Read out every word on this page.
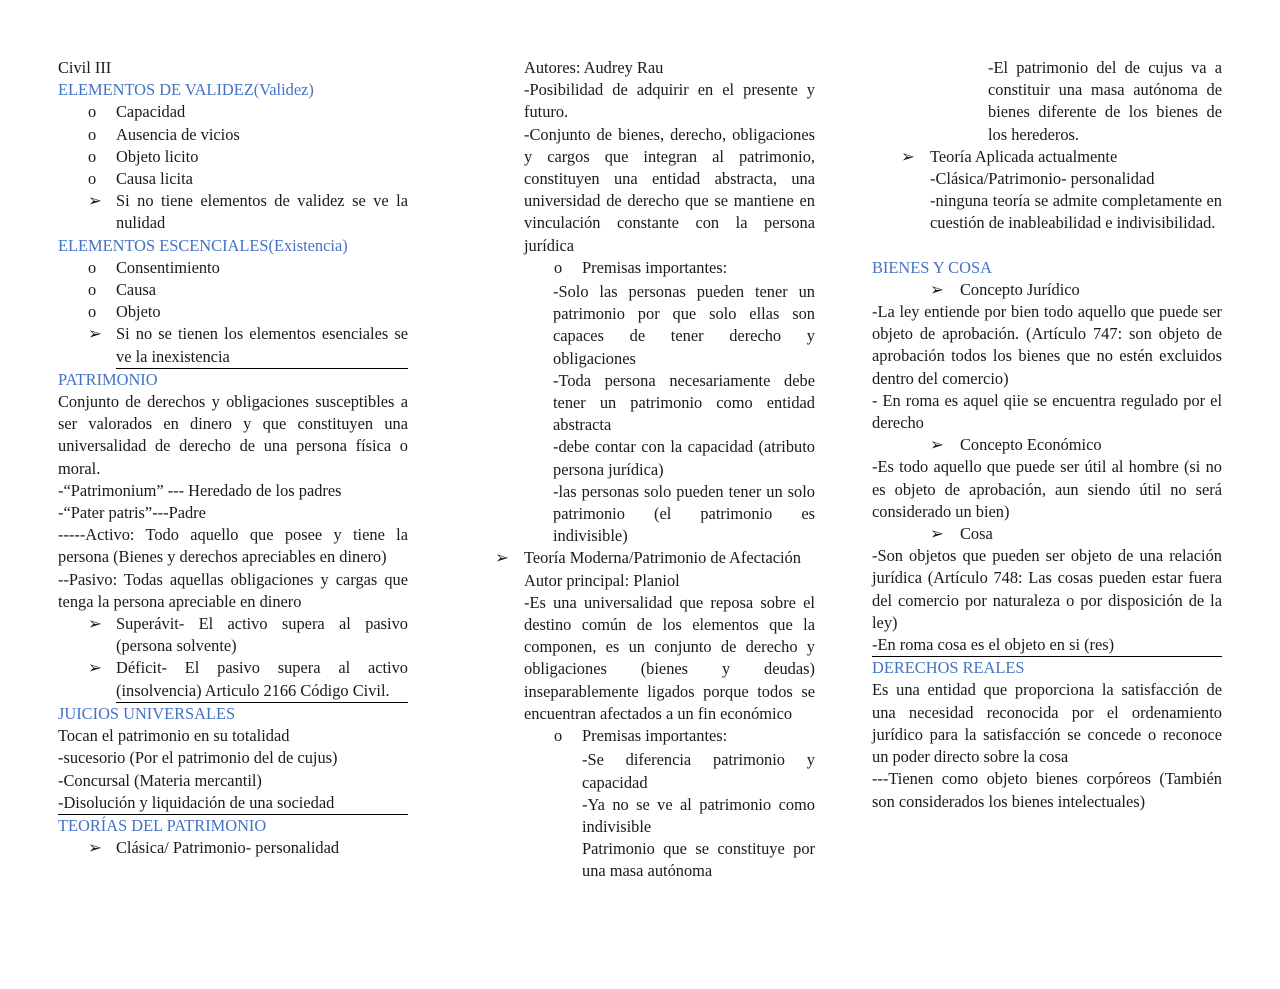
Civil III
ELEMENTOS DE VALIDEZ(Validez)
o Capacidad
o Ausencia de vicios
o Objeto licito
o Causa licita
➢ Si no tiene elementos de validez se ve la nulidad
ELEMENTOS ESCENCIALES(Existencia)
o Consentimiento
o Causa
o Objeto
➢ Si no se tienen los elementos esenciales se ve la inexistencia
PATRIMONIO
Conjunto de derechos y obligaciones susceptibles a ser valorados en dinero y que constituyen una universalidad de derecho de una persona física o moral.
-“Patrimonium” --- Heredado de los padres
-“Pater patris”---Padre
-----Activo: Todo aquello que posee y tiene la persona (Bienes y derechos apreciables en dinero)
--Pasivo: Todas aquellas obligaciones y cargas que tenga la persona apreciable en dinero
➢ Superávit- El activo supera al pasivo (persona solvente)
➢ Déficit- El pasivo supera al activo (insolvencia) Articulo 2166 Código Civil.
JUICIOS UNIVERSALES
Tocan el patrimonio en su totalidad
-sucesorio (Por el patrimonio del de cujus)
-Concursal (Materia mercantil)
-Disolución y liquidación de una sociedad
TEORÍAS DEL PATRIMONIO
➢ Clásica/ Patrimonio- personalidad
Autores: Audrey Rau
-Posibilidad de adquirir en el presente y futuro.
-Conjunto de bienes, derecho, obligaciones y cargos que integran al patrimonio, constituyen una entidad abstracta, una universidad de derecho que se mantiene en vinculación constante con la persona jurídica
o Premisas importantes:
-Solo las personas pueden tener un patrimonio por que solo ellas son capaces de tener derecho y obligaciones
-Toda persona necesariamente debe tener un patrimonio como entidad abstracta
-debe contar con la capacidad (atributo persona jurídica)
-las personas solo pueden tener un solo patrimonio (el patrimonio es indivisible)
➢ Teoría Moderna/Patrimonio de Afectación
Autor principal: Planiol
-Es una universalidad que reposa sobre el destino común de los elementos que la componen, es un conjunto de derecho y obligaciones (bienes y deudas) inseparablemente ligados porque todos se encuentran afectados a un fin económico
o Premisas importantes:
-Se diferencia patrimonio y capacidad
-Ya no se ve al patrimonio como indivisible
Patrimonio que se constituye por una masa autónoma
-El patrimonio del de cujus va a constituir una masa autónoma de bienes diferente de los bienes de los herederos.
➢ Teoría Aplicada actualmente
-Clásica/Patrimonio- personalidad
-ninguna teoría se admite completamente en cuestión de inableabilidad e indivisibilidad.
BIENES Y COSA
➢ Concepto Jurídico
-La ley entiende por bien todo aquello que puede ser objeto de aprobación. (Artículo 747: son objeto de aprobación todos los bienes que no estén excluidos dentro del comercio)
- En roma es aquel qiie se encuentra regulado por el derecho
➢ Concepto Económico
-Es todo aquello que puede ser útil al hombre (si no es objeto de aprobación, aun siendo útil no será considerado un bien)
➢ Cosa
-Son objetos que pueden ser objeto de una relación jurídica (Artículo 748: Las cosas pueden estar fuera del comercio por naturaleza o por disposición de la ley)
-En roma cosa es el objeto en si (res)
DERECHOS REALES
Es una entidad que proporciona la satisfacción de una necesidad reconocida por el ordenamiento jurídico para la satisfacción se concede o reconoce un poder directo sobre la cosa
---Tienen como objeto bienes corpóreos (También son considerados los bienes intelectuales)
